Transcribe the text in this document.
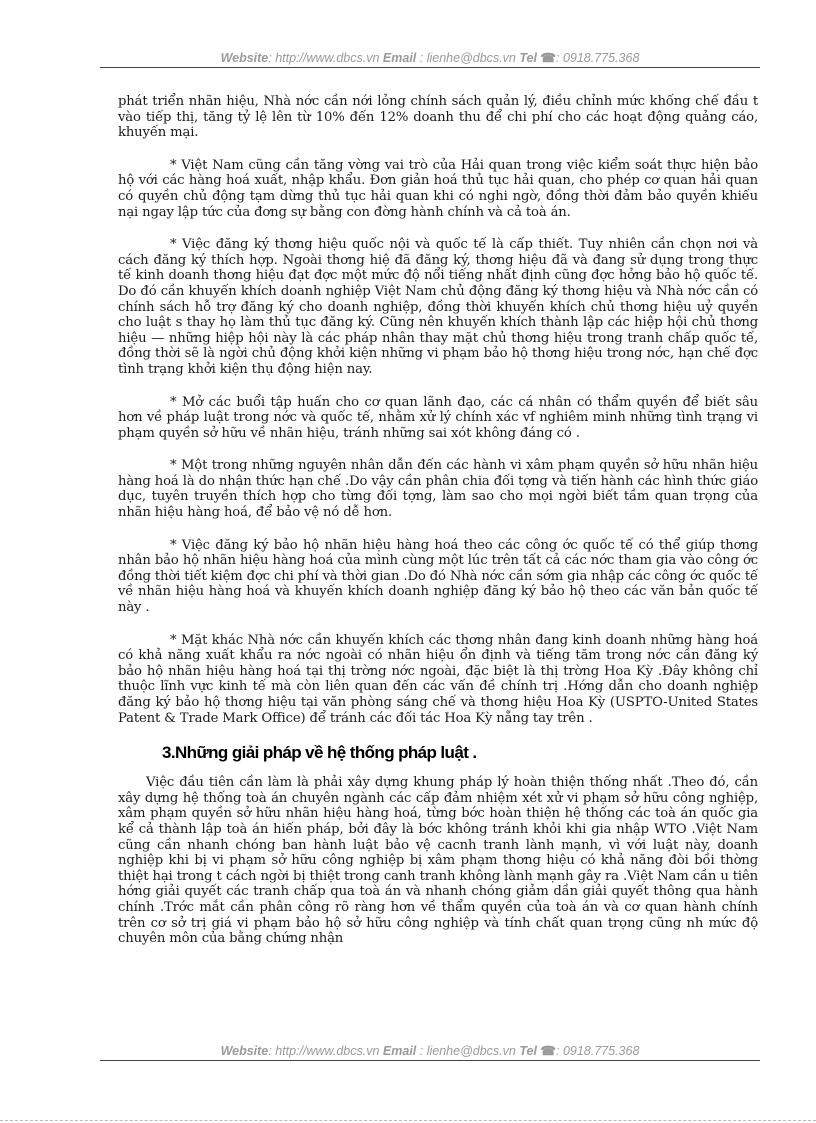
Website: http://www.dbcs.vn Email : lienhe@dbcs.vn Tel ☎: 0918.775.368

phát triển nhãn hiệu, Nhà nớc cần nới lỏng chính sách quản lý, điều chỉnh mức khống chế đầu t vào tiếp thị, tăng tỷ lệ lên từ 10% đến 12% doanh thu để chi phí cho các hoạt động quảng cáo, khuyến mại.

* Việt Nam cũng cần tăng vờng vai trò của Hải quan trong việc kiểm soát thực hiện bảo hộ với các hàng hoá xuất, nhập khẩu. Đơn giản hoá thủ tục hải quan, cho phép cơ quan hải quan có quyền chủ động tạm dừng thủ tục hải quan khi có nghi ngờ, đồng thời đảm bảo quyền khiếu nại ngay lập tức của đơng sự bằng con đờng hành chính và cả toà án.

* Việc đăng ký thơng hiệu quốc nội và quốc tế là cấp thiết. Tuy nhiên cần chọn nơi và cách đăng ký thích hợp. Ngoài thơng hiệ đã đăng ký, thơng hiệu đã và đang sử dụng trong thực tế kinh doanh thơng hiệu đạt đợc một mức độ nổi tiếng nhất định cũng đợc hởng bảo hộ quốc tế. Do đó cần khuyến khích doanh nghiệp Việt Nam chủ động đăng ký thơng hiệu và Nhà nớc cần có chính sách hỗ trợ đăng ký cho doanh nghiệp, đồng thời khuyến khích chủ thơng hiệu uỷ quyền cho luật s thay họ làm thủ tục đăng ký. Cũng nên khuyến khích thành lập các hiệp hội chủ thơng hiệu — những hiệp hội này là các pháp nhân thay mặt chủ thơng hiệu trong tranh chấp quốc tế, đồng thời sẽ là ngời chủ động khởi kiện những vi phạm bảo hộ thơng hiệu trong nớc, hạn chế đợc tình trạng khởi kiện thụ động hiện nay.

* Mở các buổi tập huấn cho cơ quan lãnh đạo, các cá nhân có thẩm quyền để biết sâu hơn về pháp luật trong nớc và quốc tế, nhằm xử lý chính xác vf nghiêm minh những tình trạng vi phạm quyền sở hữu về nhãn hiệu, tránh những sai xót không đáng có .

* Một trong những nguyên nhân dẫn đến các hành vi xâm phạm quyền sở hữu nhãn hiệu hàng hoá là do nhận thức hạn chế .Do vậy cần phân chia đối tợng và tiến hành các hình thức giáo dục, tuyên truyền thích hợp cho từng đối tợng, làm sao cho mọi ngời biết tầm quan trọng của nhãn hiệu hàng hoá, để bảo vệ nó dễ hơn.

* Việc đăng ký bảo hộ nhãn hiệu hàng hoá theo các công ớc quốc tế có thể giúp thơng nhân bảo hộ nhãn hiệu hàng hoá của mình cùng một lúc trên tất cả các nớc tham gia vào công ớc đồng thời tiết kiệm đợc chi phí và thời gian .Do đó Nhà nớc cần sớm gia nhập các công ớc quốc tế về nhãn hiệu hàng hoá và khuyến khích doanh nghiệp đăng ký bảo hộ theo các văn bản quốc tế này .

* Mặt khác Nhà nớc cần khuyến khích các thơng nhân đang kinh doanh những hàng hoá có khả năng xuất khẩu ra nớc ngoài có nhãn hiệu ổn định và tiếng tăm trong nớc cần đăng ký bảo hộ nhãn hiệu hàng hoá tại thị trờng nớc ngoài, đặc biệt là thị trờng Hoa Kỳ .Đây không chỉ thuộc lĩnh vực kinh tế mà còn liên quan đến các vấn đề chính trị .Hớng dẫn cho doanh nghiệp đăng ký bảo hộ thơng hiệu tại văn phòng sáng chế và thơng hiệu Hoa Kỳ (USPTO-United States Patent & Trade Mark Office) để tránh các đối tác Hoa Kỳ nẵng tay trên .

3.Những giải pháp về hệ thống pháp luật .

Việc đầu tiên cần làm là phải xây dựng khung pháp lý hoàn thiện thống nhất .Theo đó, cần xây dựng hệ thống toà án chuyên ngành các cấp đảm nhiệm xét xử vi phạm sở hữu công nghiệp, xâm phạm quyền sở hữu nhãn hiệu hàng hoá, từng bớc hoàn thiện hệ thống các toà án quốc gia kể cả thành lập toà án hiến pháp, bởi đây là bớc không tránh khỏi khi gia nhập WTO .Việt Nam cũng cần nhanh chóng ban hành luật bảo vệ cacnh tranh lành mạnh, vì với luật này, doanh nghiệp khi bị vi phạm sở hữu công nghiệp bị xâm phạm thơng hiệu có khả năng đòi bồi thờng thiệt hại trong t cách ngời bị thiệt trong canh tranh không lành mạnh gây ra .Việt Nam cần u tiên hớng giải quyết các tranh chấp qua toà án và nhanh chóng giảm dần giải quyết thông qua hành chính .Trớc mắt cần phân công rõ ràng hơn về thẩm quyền của toà án và cơ quan hành chính trên cơ sở trị giá vi phạm bảo hộ sở hữu công nghiệp và tính chất quan trọng cũng nh mức độ chuyên môn của bằng chứng nhận

Website: http://www.dbcs.vn Email : lienhe@dbcs.vn Tel ☎: 0918.775.368
